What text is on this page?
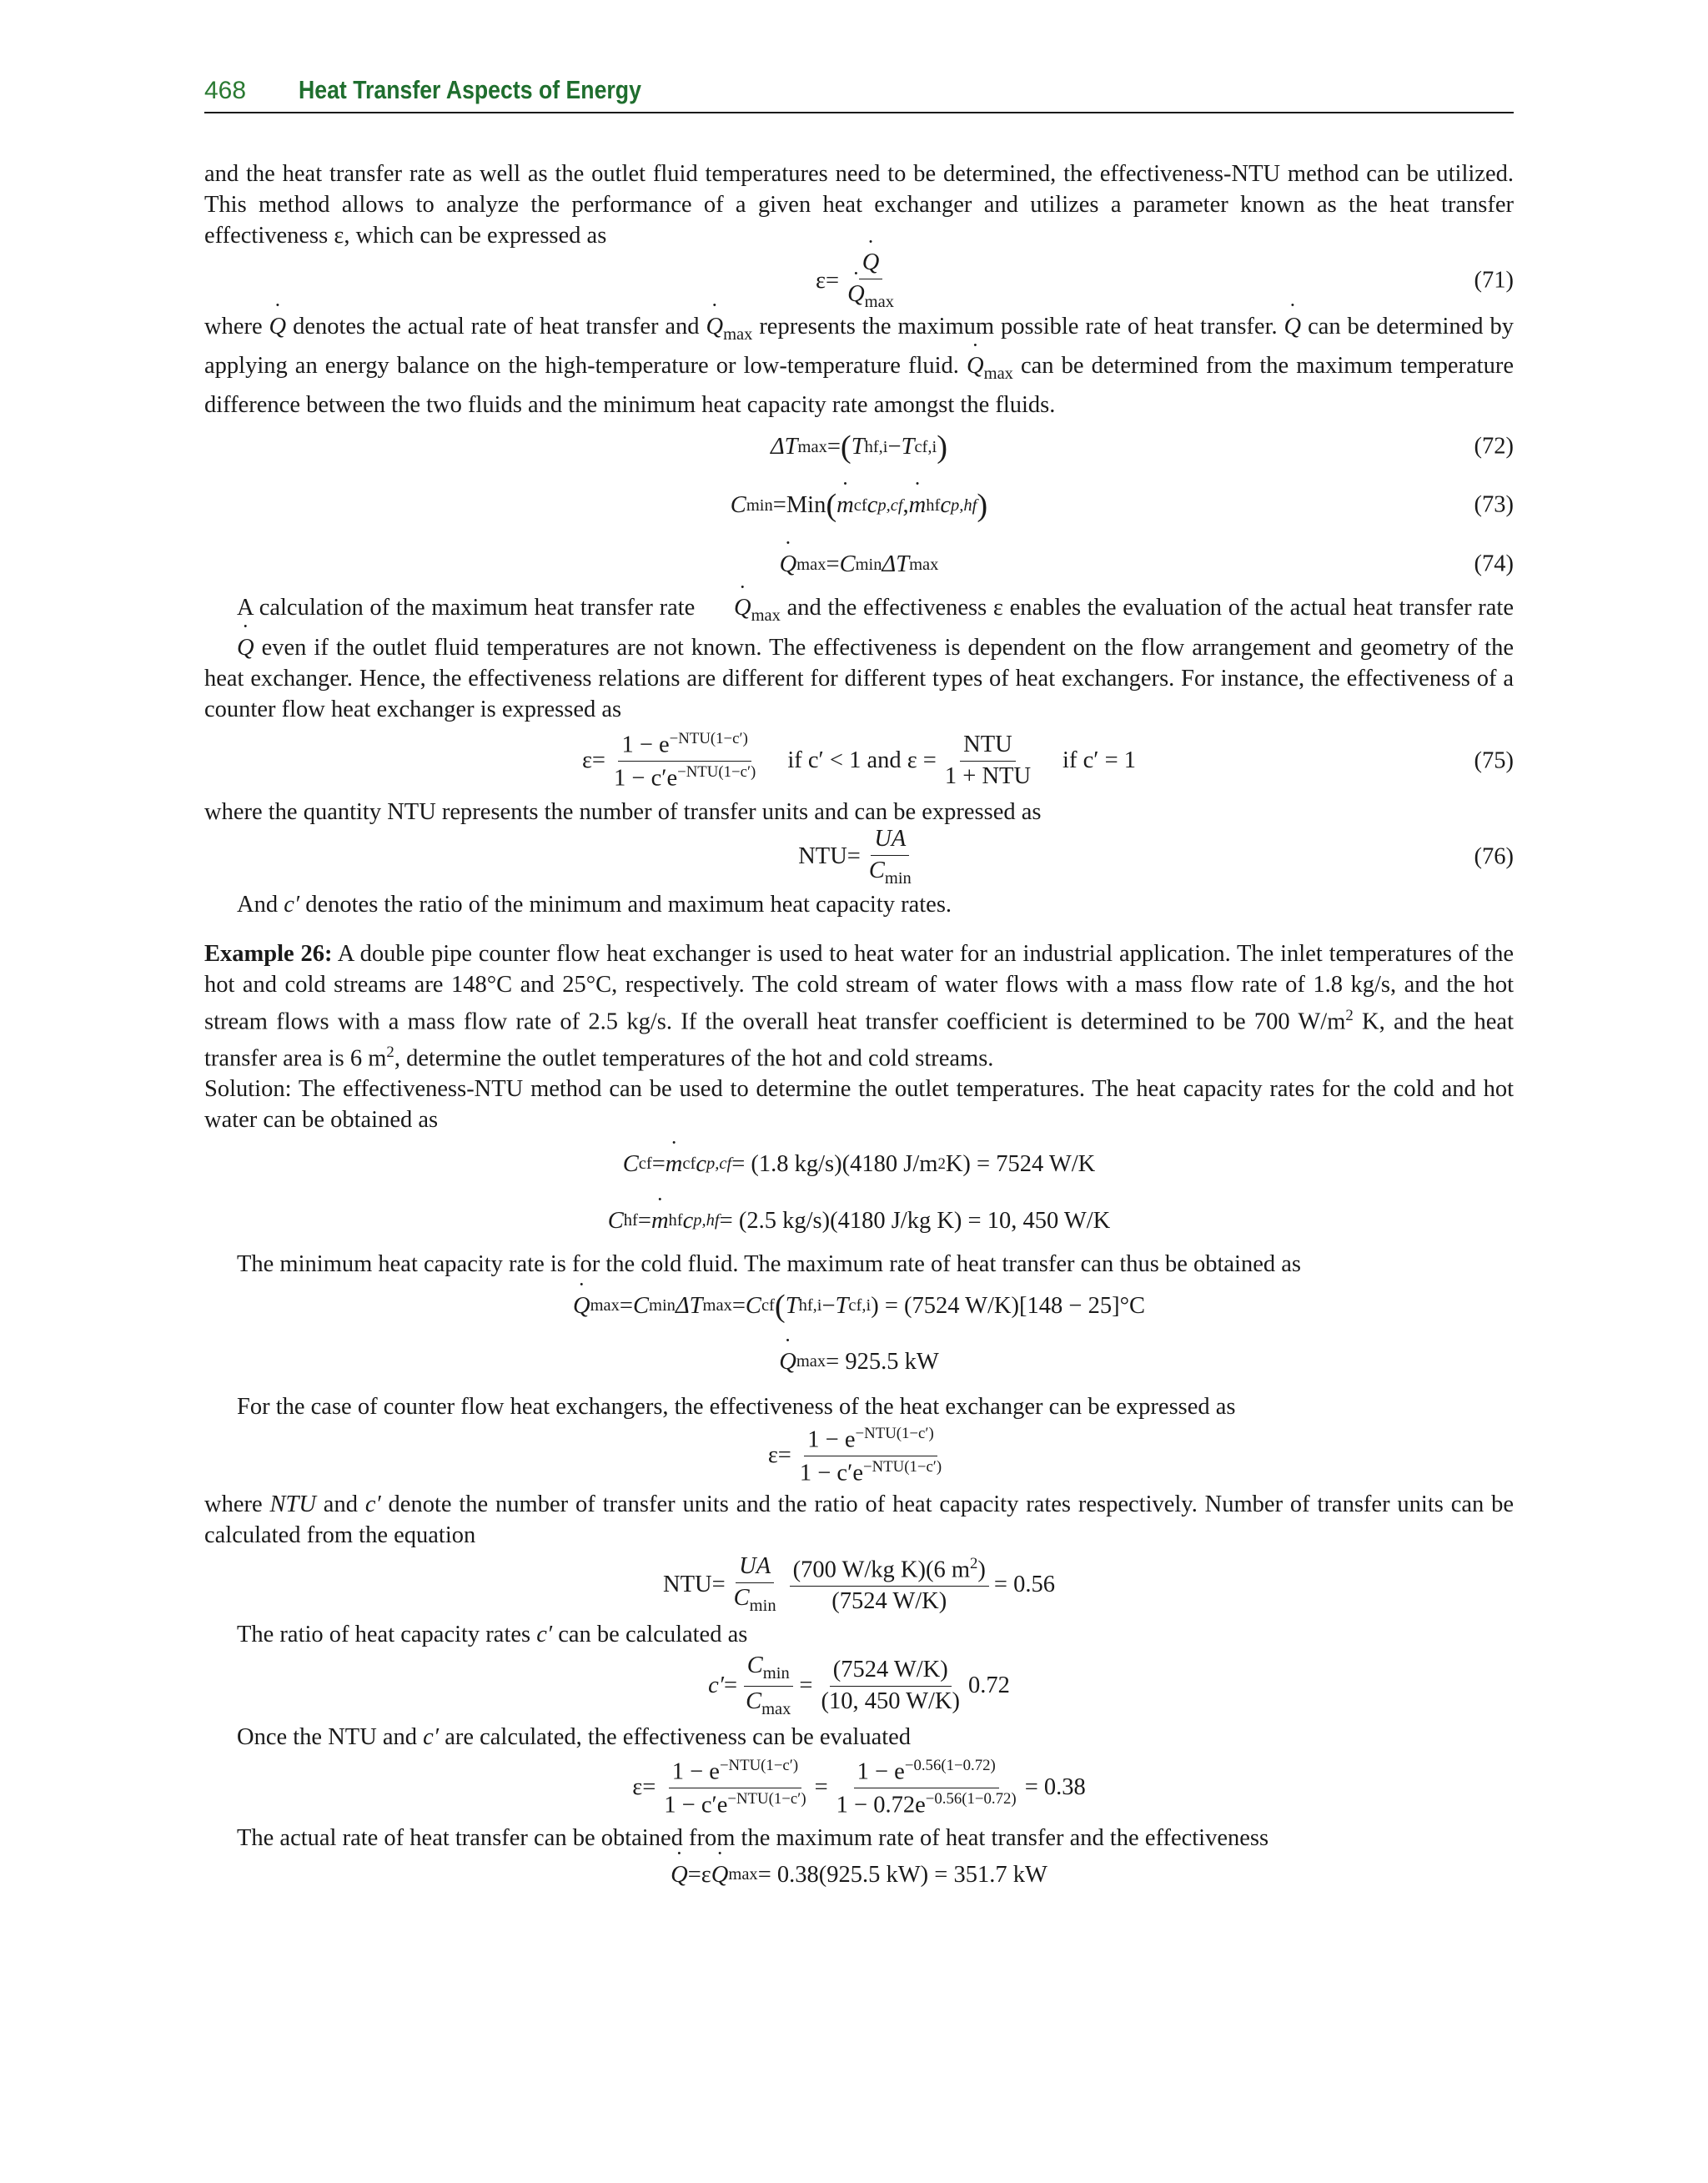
468 Heat Transfer Aspects of Energy

and the heat transfer rate as well as the outlet fluid temperatures need to be determined, the effectiveness-NTU method can be utilized. This method allows to analyze the performance of a given heat exchanger and utilizes a parameter known as the heat transfer effectiveness ε, which can be expressed as

ε = ˙ Q
˙ $Q_{max}$	(71)

where ˙ Q denotes the actual rate of heat transfer and ˙ $Q_{max}$ represents the maximum possible rate of heat transfer. ˙ Q can be determined by applying an energy balance on the high-temperature or low-temperature fluid. ˙ $Q_{max}$ can be determined from the maximum temperature difference between the two fluids and the minimum heat capacity rate amongst the fluids.

ΔT max = ( T hf,i − T cf,i )	(72)
C min = Min ( ˙ m cf c p,cf , ˙ m hf c p,hf )	(73)
˙ Q max = C min ΔT max	(74)

A calculation of the maximum heat transfer rate ˙ $Q_{max}$ and the effectiveness ε enables the evaluation of the actual heat transfer rate ˙ Q even if the outlet fluid temperatures are not known. The effectiveness is dependent on the flow arrangement and geometry of the heat exchanger. Hence, the effectiveness relations are different for different types of heat exchangers. For instance, the effectiveness of a counter flow heat exchanger is expressed as

$\varepsilon = \frac{1 - e^{-NTU(1-c')}}{1 - c'e^{-NTU(1-c')}}$ if c′ < 1 and $\varepsilon = \frac{\text{NTU}}{\text{1 + NTU}}$ if c′ = 1	(75)

where the quantity NTU represents the number of transfer units and can be expressed as

NTU = $\frac{UA}{C_{min}}$	(76)

And c′ denotes the ratio of the minimum and maximum heat capacity rates.

Example 26: A double pipe counter flow heat exchanger is used to heat water for an industrial application. The inlet temperatures of the hot and cold streams are 148°C and 25°C, respectively. The cold stream of water flows with a mass flow rate of 1.8 kg/s, and the hot stream flows with a mass flow rate of 2.5 kg/s. If the overall heat transfer coefficient is determined to be 700 $W/m^2$ K, and the heat transfer area is 6 $m^2$, determine the outlet temperatures of the hot and cold streams.

Solution: The effectiveness-NTU method can be used to determine the outlet temperatures. The heat capacity rates for the cold and hot water can be obtained as

C cf = ˙ m cf c p,cf = (1.8 kg/s)(4180 J/m 2 K) = 7524 W/K
C hf = ˙ m hf c p,hf = (2.5 kg/s)(4180 J/kg K) = 10, 450 W/K

The minimum heat capacity rate is for the cold fluid. The maximum rate of heat transfer can thus be obtained as

˙ Q max = C min ΔT max = C cf ( T hf,i − T cf,i ) = (7524 W/K)[148 − 25]°C
˙ Q max = 925.5 kW

For the case of counter flow heat exchangers, the effectiveness of the heat exchanger can be expressed as

$\varepsilon = \frac{1 - e^{-NTU(1-c')}}{1 - c'e^{-NTU(1-c')}}$

where NTU and c′ denote the number of transfer units and the ratio of heat capacity rates respectively. Number of transfer units can be calculated from the equation

NTU = $\frac{UA}{C_{min}} \frac{(700 W/kg K)(6 m^2)}{(7524 W/K)} = 0.56$

The ratio of heat capacity rates c′ can be calculated as

$c' = \frac{C_{min}}{C_{max}} = \frac{(7524 W/K)}{(10, 450 W/K)} 0.72$

Once the NTU and c′ are calculated, the effectiveness can be evaluated

$\varepsilon = \frac{1 - e^{-NTU(1-c')}}{1 - c'e^{-NTU(1-c')}} = \frac{1 - e^{-0.56(1-0.72)}}{1 - 0.72e^{-0.56(1-0.72)}} = 0.38$

The actual rate of heat transfer can be obtained from the maximum rate of heat transfer and the effectiveness

˙ Q = ε ˙ Q max = 0.38(925.5 kW) = 351.7 kW
